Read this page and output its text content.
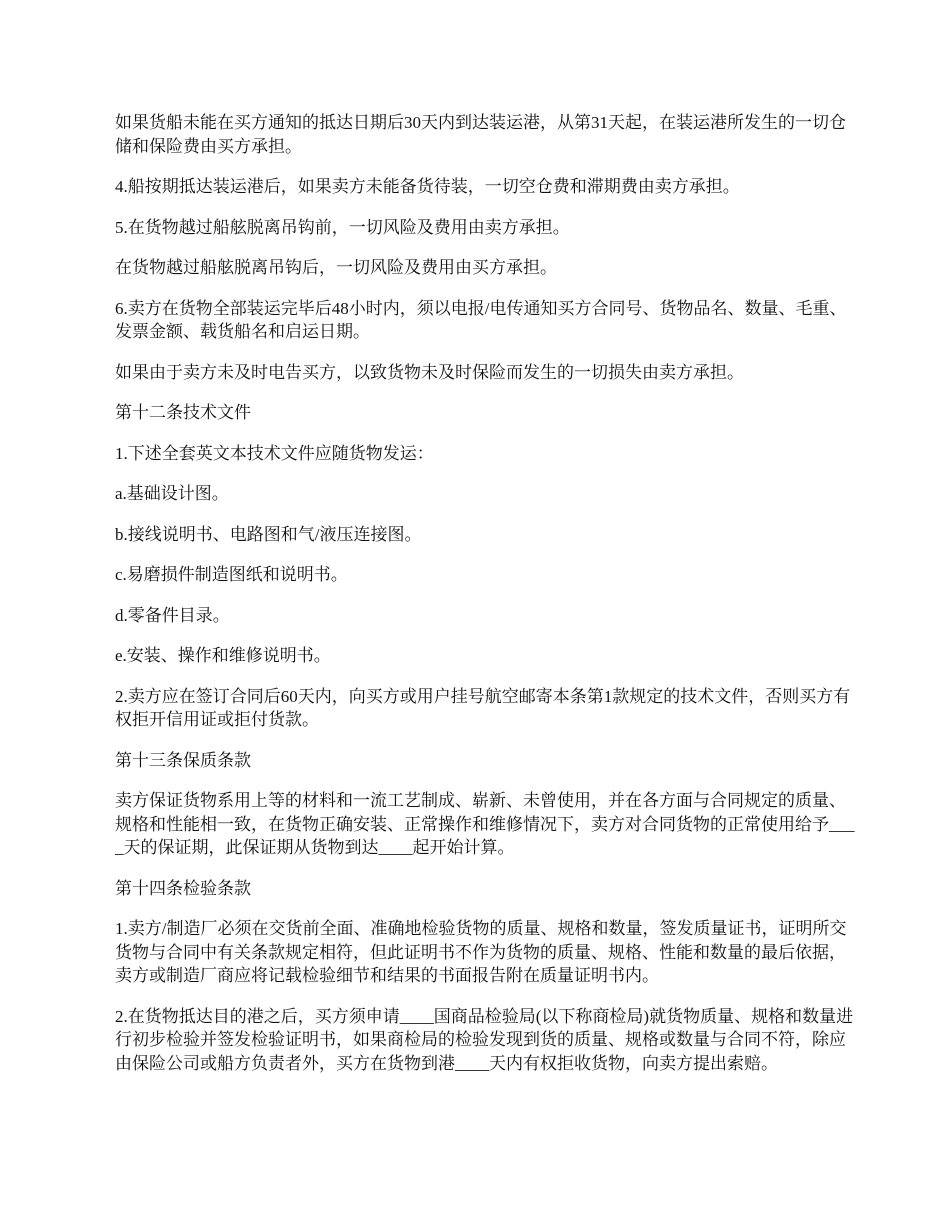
如果货船未能在买方通知的抵达日期后30天内到达装运港，从第31天起，在装运港所发生的一切仓储和保险费由买方承担。

4.船按期抵达装运港后，如果卖方未能备货待装，一切空仓费和滞期费由卖方承担。

5.在货物越过船舷脱离吊钩前，一切风险及费用由卖方承担。

在货物越过船舷脱离吊钩后，一切风险及费用由买方承担。

6.卖方在货物全部装运完毕后48小时内，须以电报/电传通知买方合同号、货物品名、数量、毛重、发票金额、载货船名和启运日期。

如果由于卖方未及时电告买方，以致货物未及时保险而发生的一切损失由卖方承担。

第十二条技术文件

1.下述全套英文本技术文件应随货物发运：

a.基础设计图。

b.接线说明书、电路图和气/液压连接图。

c.易磨损件制造图纸和说明书。

d.零备件目录。

e.安装、操作和维修说明书。

2.卖方应在签订合同后60天内，向买方或用户挂号航空邮寄本条第1款规定的技术文件，否则买方有权拒开信用证或拒付货款。

第十三条保质条款

卖方保证货物系用上等的材料和一流工艺制成、崭新、未曾使用，并在各方面与合同规定的质量、规格和性能相一致，在货物正确安装、正常操作和维修情况下，卖方对合同货物的正常使用给予____天的保证期，此保证期从货物到达____起开始计算。

第十四条检验条款

1.卖方/制造厂必须在交货前全面、准确地检验货物的质量、规格和数量，签发质量证书，证明所交货物与合同中有关条款规定相符，但此证明书不作为货物的质量、规格、性能和数量的最后依据，卖方或制造厂商应将记载检验细节和结果的书面报告附在质量证明书内。

2.在货物抵达目的港之后，买方须申请____国商品检验局(以下称商检局)就货物质量、规格和数量进行初步检验并签发检验证明书，如果商检局的检验发现到货的质量、规格或数量与合同不符，除应由保险公司或船方负责者外，买方在货物到港____天内有权拒收货物，向卖方提出索赔。
